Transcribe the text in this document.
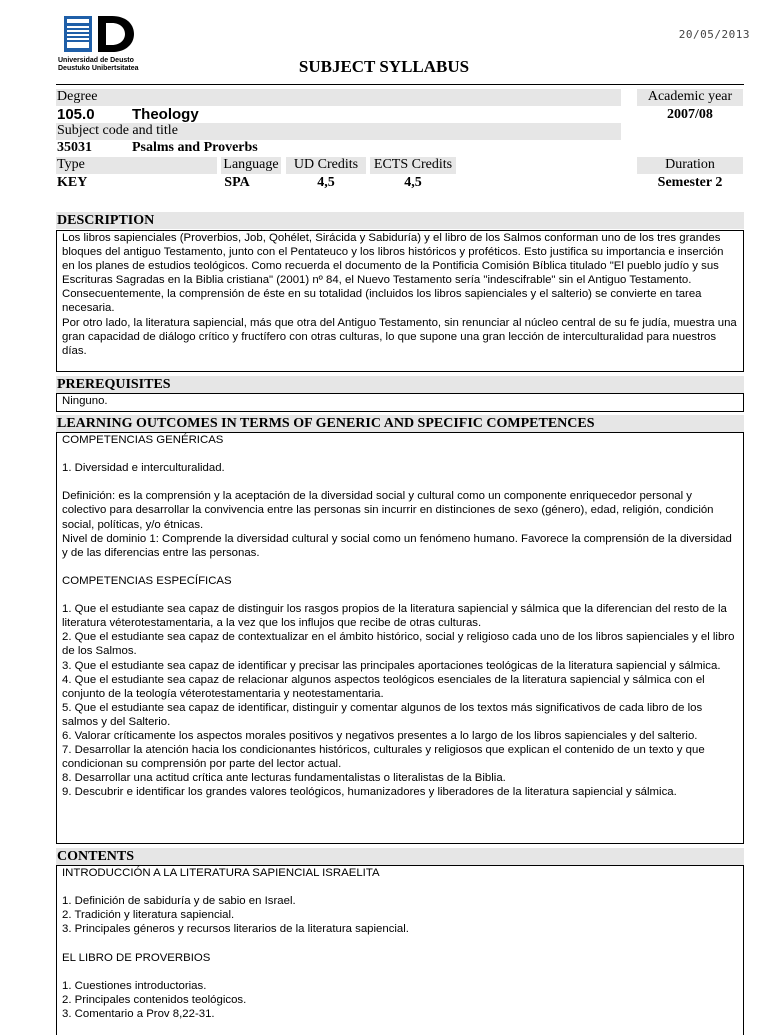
20/05/2013
Universidad de Deusto
Deustuko Unibertsitatea	SUBJECT SYLLABUS
Degree	Academic year
105.0 Theology	2007/08
Subject code and title
35031	Psalms and Proverbs
Type	Language	UD Credits	ECTS Credits	Duration
KEY	SPA	4,5	4,5	Semester 2
DESCRIPTION

Los libros sapienciales (Proverbios, Job, Qohélet, Sirácida y Sabiduría) y el libro de los Salmos conforman uno de los tres grandes bloques del antiguo Testamento, junto con el Pentateuco y los libros históricos y proféticos. Esto justifica su importancia e inserción en los planes de estudios teológicos. Como recuerda el documento de la Pontificia Comisión Bíblica titulado "El pueblo judío y sus Escrituras Sagradas en la Biblia cristiana" (2001) nº 84, el Nuevo Testamento sería "indescifrable" sin el Antiguo Testamento. Consecuentemente, la comprensión de éste en su totalidad (incluidos los libros sapienciales y el salterio) se convierte en tarea necesaria.

Por otro lado, la literatura sapiencial, más que otra del Antiguo Testamento, sin renunciar al núcleo central de su fe judía, muestra una gran capacidad de diálogo crítico y fructífero con otras culturas, lo que supone una gran lección de interculturalidad para nuestros días.

PREREQUISITES

Ninguno.

LEARNING OUTCOMES IN TERMS OF GENERIC AND SPECIFIC COMPETENCES

COMPETENCIAS GENÉRICAS

1. Diversidad e interculturalidad.

Definición: es la comprensión y la aceptación de la diversidad social y cultural como un componente enriquecedor personal y colectivo para desarrollar la convivencia entre las personas sin incurrir en distinciones de sexo (género), edad, religión, condición social, políticas, y/o étnicas.

Nivel de dominio 1: Comprende la diversidad cultural y social como un fenómeno humano. Favorece la comprensión de la diversidad y de las diferencias entre las personas.

COMPETENCIAS ESPECÍFICAS

1. Que el estudiante sea capaz de distinguir los rasgos propios de la literatura sapiencial y sálmica que la diferencian del resto de la literatura véterotestamentaria, a la vez que los influjos que recibe de otras culturas.

2. Que el estudiante sea capaz de contextualizar en el ámbito histórico, social y religioso cada uno de los libros sapienciales y el libro de los Salmos.

3. Que el estudiante sea capaz de identificar y precisar las principales aportaciones teológicas de la literatura sapiencial y sálmica.

4. Que el estudiante sea capaz de relacionar algunos aspectos teológicos esenciales de la literatura sapiencial y sálmica con el conjunto de la teología véterotestamentaria y neotestamentaria.

5. Que el estudiante sea capaz de identificar, distinguir y comentar algunos de los textos más significativos de cada libro de los salmos y del Salterio.

6. Valorar críticamente los aspectos morales positivos y negativos presentes a lo largo de los libros sapienciales y del salterio.

7. Desarrollar la atención hacia los condicionantes históricos, culturales y religiosos que explican el contenido de un texto y que condicionan su comprensión por parte del lector actual.

8. Desarrollar una actitud crítica ante lecturas fundamentalistas o literalistas de la Biblia.

9. Descubrir e identificar los grandes valores teológicos, humanizadores y liberadores de la literatura sapiencial y sálmica.

CONTENTS

INTRODUCCIÓN A LA LITERATURA SAPIENCIAL ISRAELITA

1. Definición de sabiduría y de sabio en Israel.

2. Tradición y literatura sapiencial.

3. Principales géneros y recursos literarios de la literatura sapiencial.

EL LIBRO DE PROVERBIOS

1. Cuestiones introductorias.

2. Principales contenidos teológicos.

3. Comentario a Prov 8,22-31.
